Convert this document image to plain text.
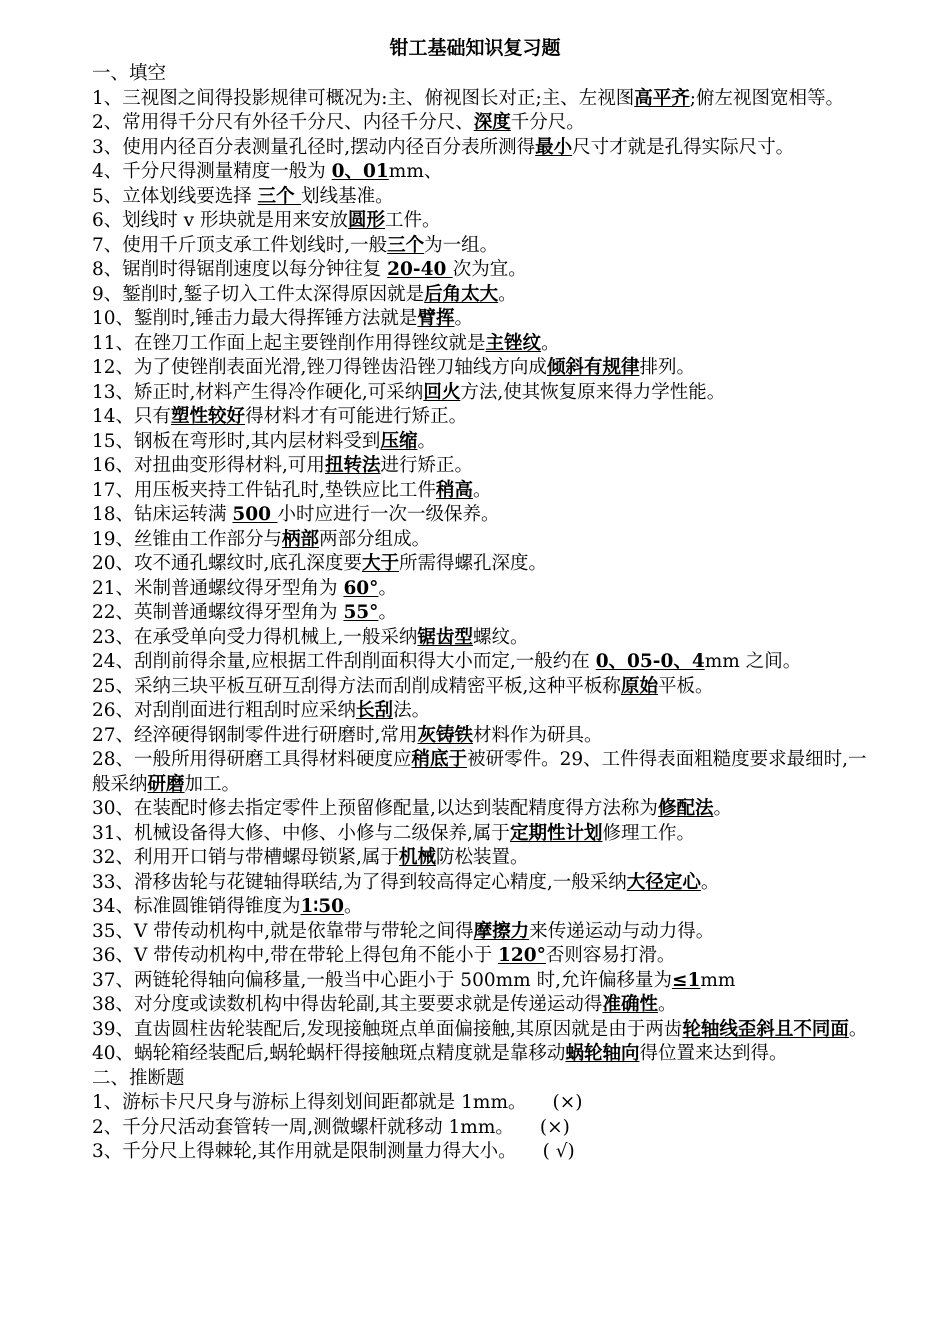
钳工基础知识复习题
一、填空
1、三视图之间得投影规律可概况为:主、俯视图长对正;主、左视图高平齐;俯左视图宽相等。
2、常用得千分尺有外径千分尺、内径千分尺、深度千分尺。
3、使用内径百分表测量孔径时,摆动内径百分表所测得最小尺寸才就是孔得实际尺寸。
4、千分尺得测量精度一般为 0、01mm、
5、立体划线要选择 三个 划线基准。
6、划线时 v 形块就是用来安放圆形工件。
7、使用千斤顶支承工件划线时,一般三个为一组。
8、锯削时得锯削速度以每分钟往复 20-40 次为宜。
9、錾削时,錾子切入工件太深得原因就是后角太大。
10、錾削时,锤击力最大得挥锤方法就是臂挥。
11、在锉刀工作面上起主要锉削作用得锉纹就是主锉纹。
12、为了使锉削表面光滑,锉刀得锉齿沿锉刀轴线方向成倾斜有规律排列。
13、矫正时,材料产生得冷作硬化,可采纳回火方法,使其恢复原来得力学性能。
14、只有塑性较好得材料才有可能进行矫正。
15、钢板在弯形时,其内层材料受到压缩。
16、对扭曲变形得材料,可用扭转法进行矫正。
17、用压板夹持工件钻孔时,垫铁应比工件稍高。
18、钻床运转满 500 小时应进行一次一级保养。
19、丝锥由工作部分与柄部两部分组成。
20、攻不通孔螺纹时,底孔深度要大于所需得螺孔深度。
21、米制普通螺纹得牙型角为 60°。
22、英制普通螺纹得牙型角为 55°。
23、在承受单向受力得机械上,一般采纳锯齿型螺纹。
24、刮削前得余量,应根据工件刮削面积得大小而定,一般约在 0、05-0、4mm 之间。
25、采纳三块平板互研互刮得方法而刮削成精密平板,这种平板称原始平板。
26、对刮削面进行粗刮时应采纳长刮法。
27、经淬硬得钢制零件进行研磨时,常用灰铸铁材料作为研具。
28、一般所用得研磨工具得材料硬度应稍底于被研零件。29、工件得表面粗糙度要求最细时,一般采纳研磨加工。
30、在装配时修去指定零件上预留修配量,以达到装配精度得方法称为修配法。
31、机械设备得大修、中修、小修与二级保养,属于定期性计划修理工作。
32、利用开口销与带槽螺母锁紧,属于机械防松装置。
33、滑移齿轮与花键轴得联结,为了得到较高得定心精度,一般采纳大径定心。
34、标准圆锥销得锥度为1∶50。
35、V 带传动机构中,就是依靠带与带轮之间得摩擦力来传递运动与动力得。
36、V 带传动机构中,带在带轮上得包角不能小于 120°否则容易打滑。
37、两链轮得轴向偏移量,一般当中心距小于 500mm 时,允许偏移量为≤1mm
38、对分度或读数机构中得齿轮副,其主要要求就是传递运动得准确性。
39、直齿圆柱齿轮装配后,发现接触斑点单面偏接触,其原因就是由于两齿轮轴线歪斜且不同面。
40、蜗轮箱经装配后,蜗轮蜗杆得接触斑点精度就是靠移动蜗轮轴向得位置来达到得。
二、推断题
1、游标卡尺尺身与游标上得刻划间距都就是 1mm。 (×)
2、千分尺活动套管转一周,测微螺杆就移动 1mm。 (×)
3、千分尺上得棘轮,其作用就是限制测量力得大小。 ( √)
